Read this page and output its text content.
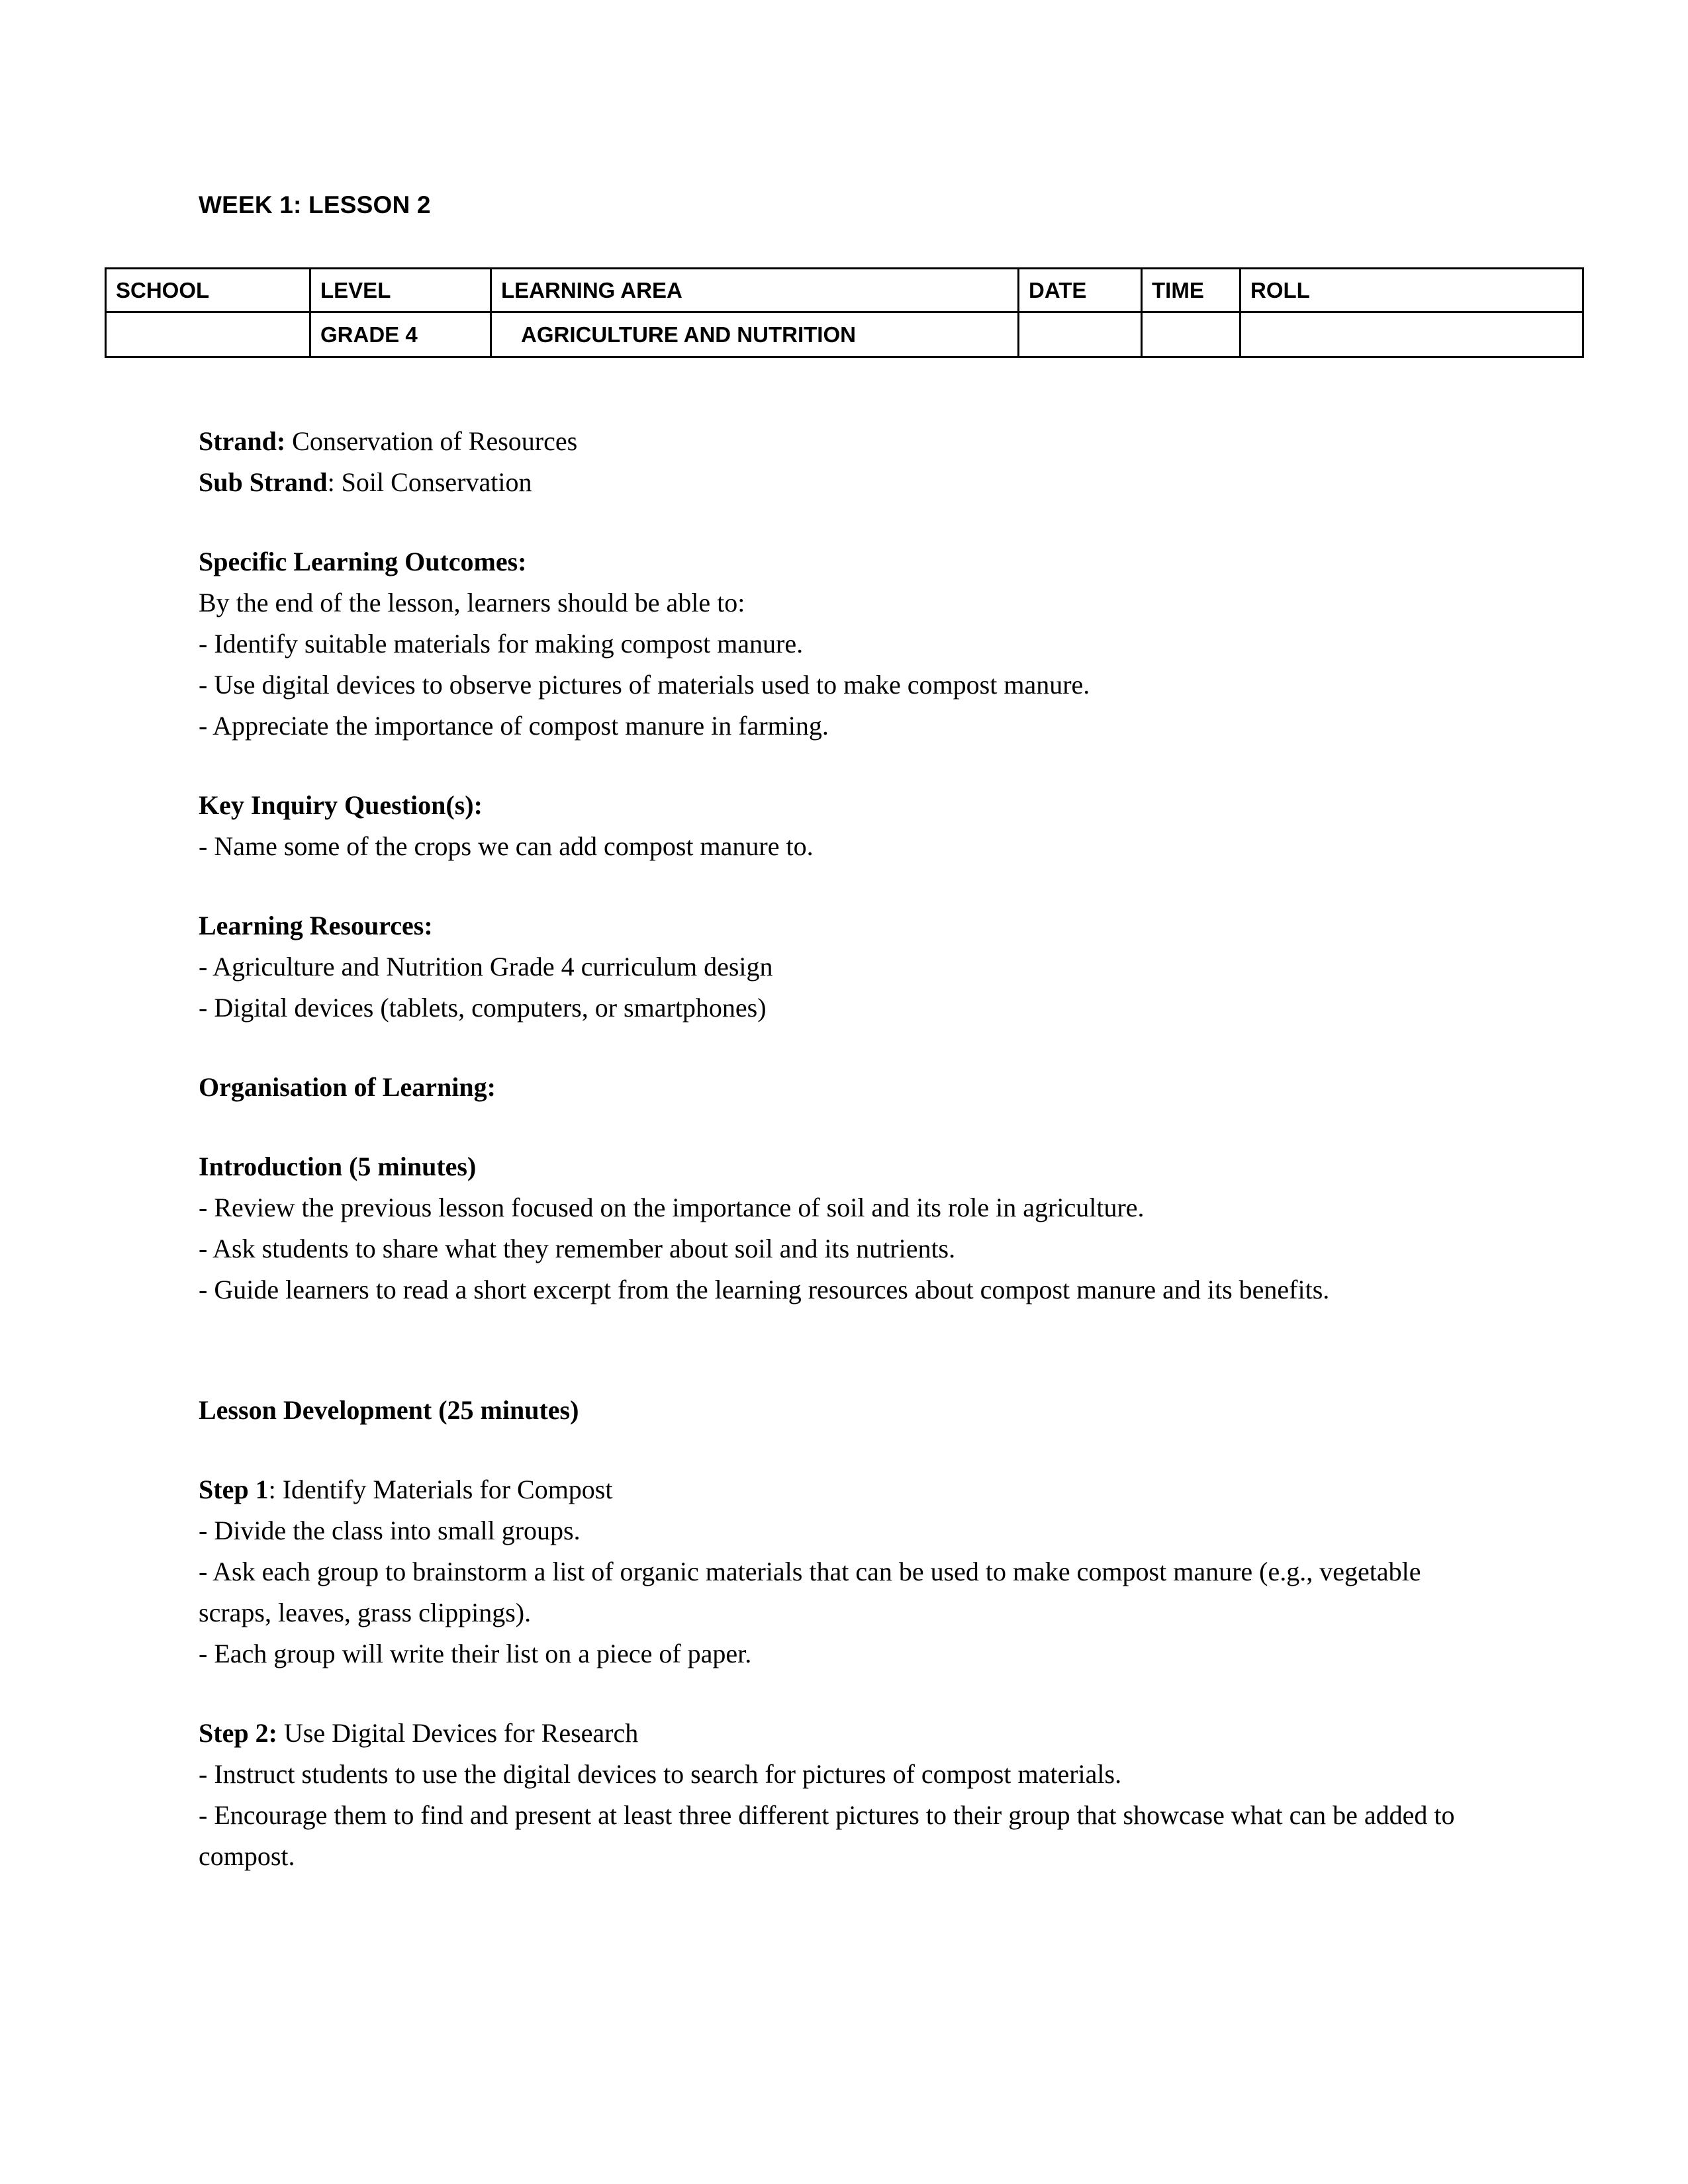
WEEK 1: LESSON 2
SCHOOL	LEVEL	LEARNING AREA	DATE	TIME	ROLL
	GRADE 4	AGRICULTURE AND NUTRITION			

Strand: Conservation of Resources

Sub Strand: Soil Conservation

Specific Learning Outcomes:

By the end of the lesson, learners should be able to:

- Identify suitable materials for making compost manure.

- Use digital devices to observe pictures of materials used to make compost manure.

- Appreciate the importance of compost manure in farming.

Key Inquiry Question(s):

- Name some of the crops we can add compost manure to.

Learning Resources:

- Agriculture and Nutrition Grade 4 curriculum design

- Digital devices (tablets, computers, or smartphones)

Organisation of Learning:

Introduction (5 minutes)

- Review the previous lesson focused on the importance of soil and its role in agriculture.

- Ask students to share what they remember about soil and its nutrients.

- Guide learners to read a short excerpt from the learning resources about compost manure and its benefits.

Lesson Development (25 minutes)

Step 1: Identify Materials for Compost

- Divide the class into small groups.

- Ask each group to brainstorm a list of organic materials that can be used to make compost manure (e.g., vegetable scraps, leaves, grass clippings).

- Each group will write their list on a piece of paper.

Step 2: Use Digital Devices for Research

- Instruct students to use the digital devices to search for pictures of compost materials.

- Encourage them to find and present at least three different pictures to their group that showcase what can be added to compost.
